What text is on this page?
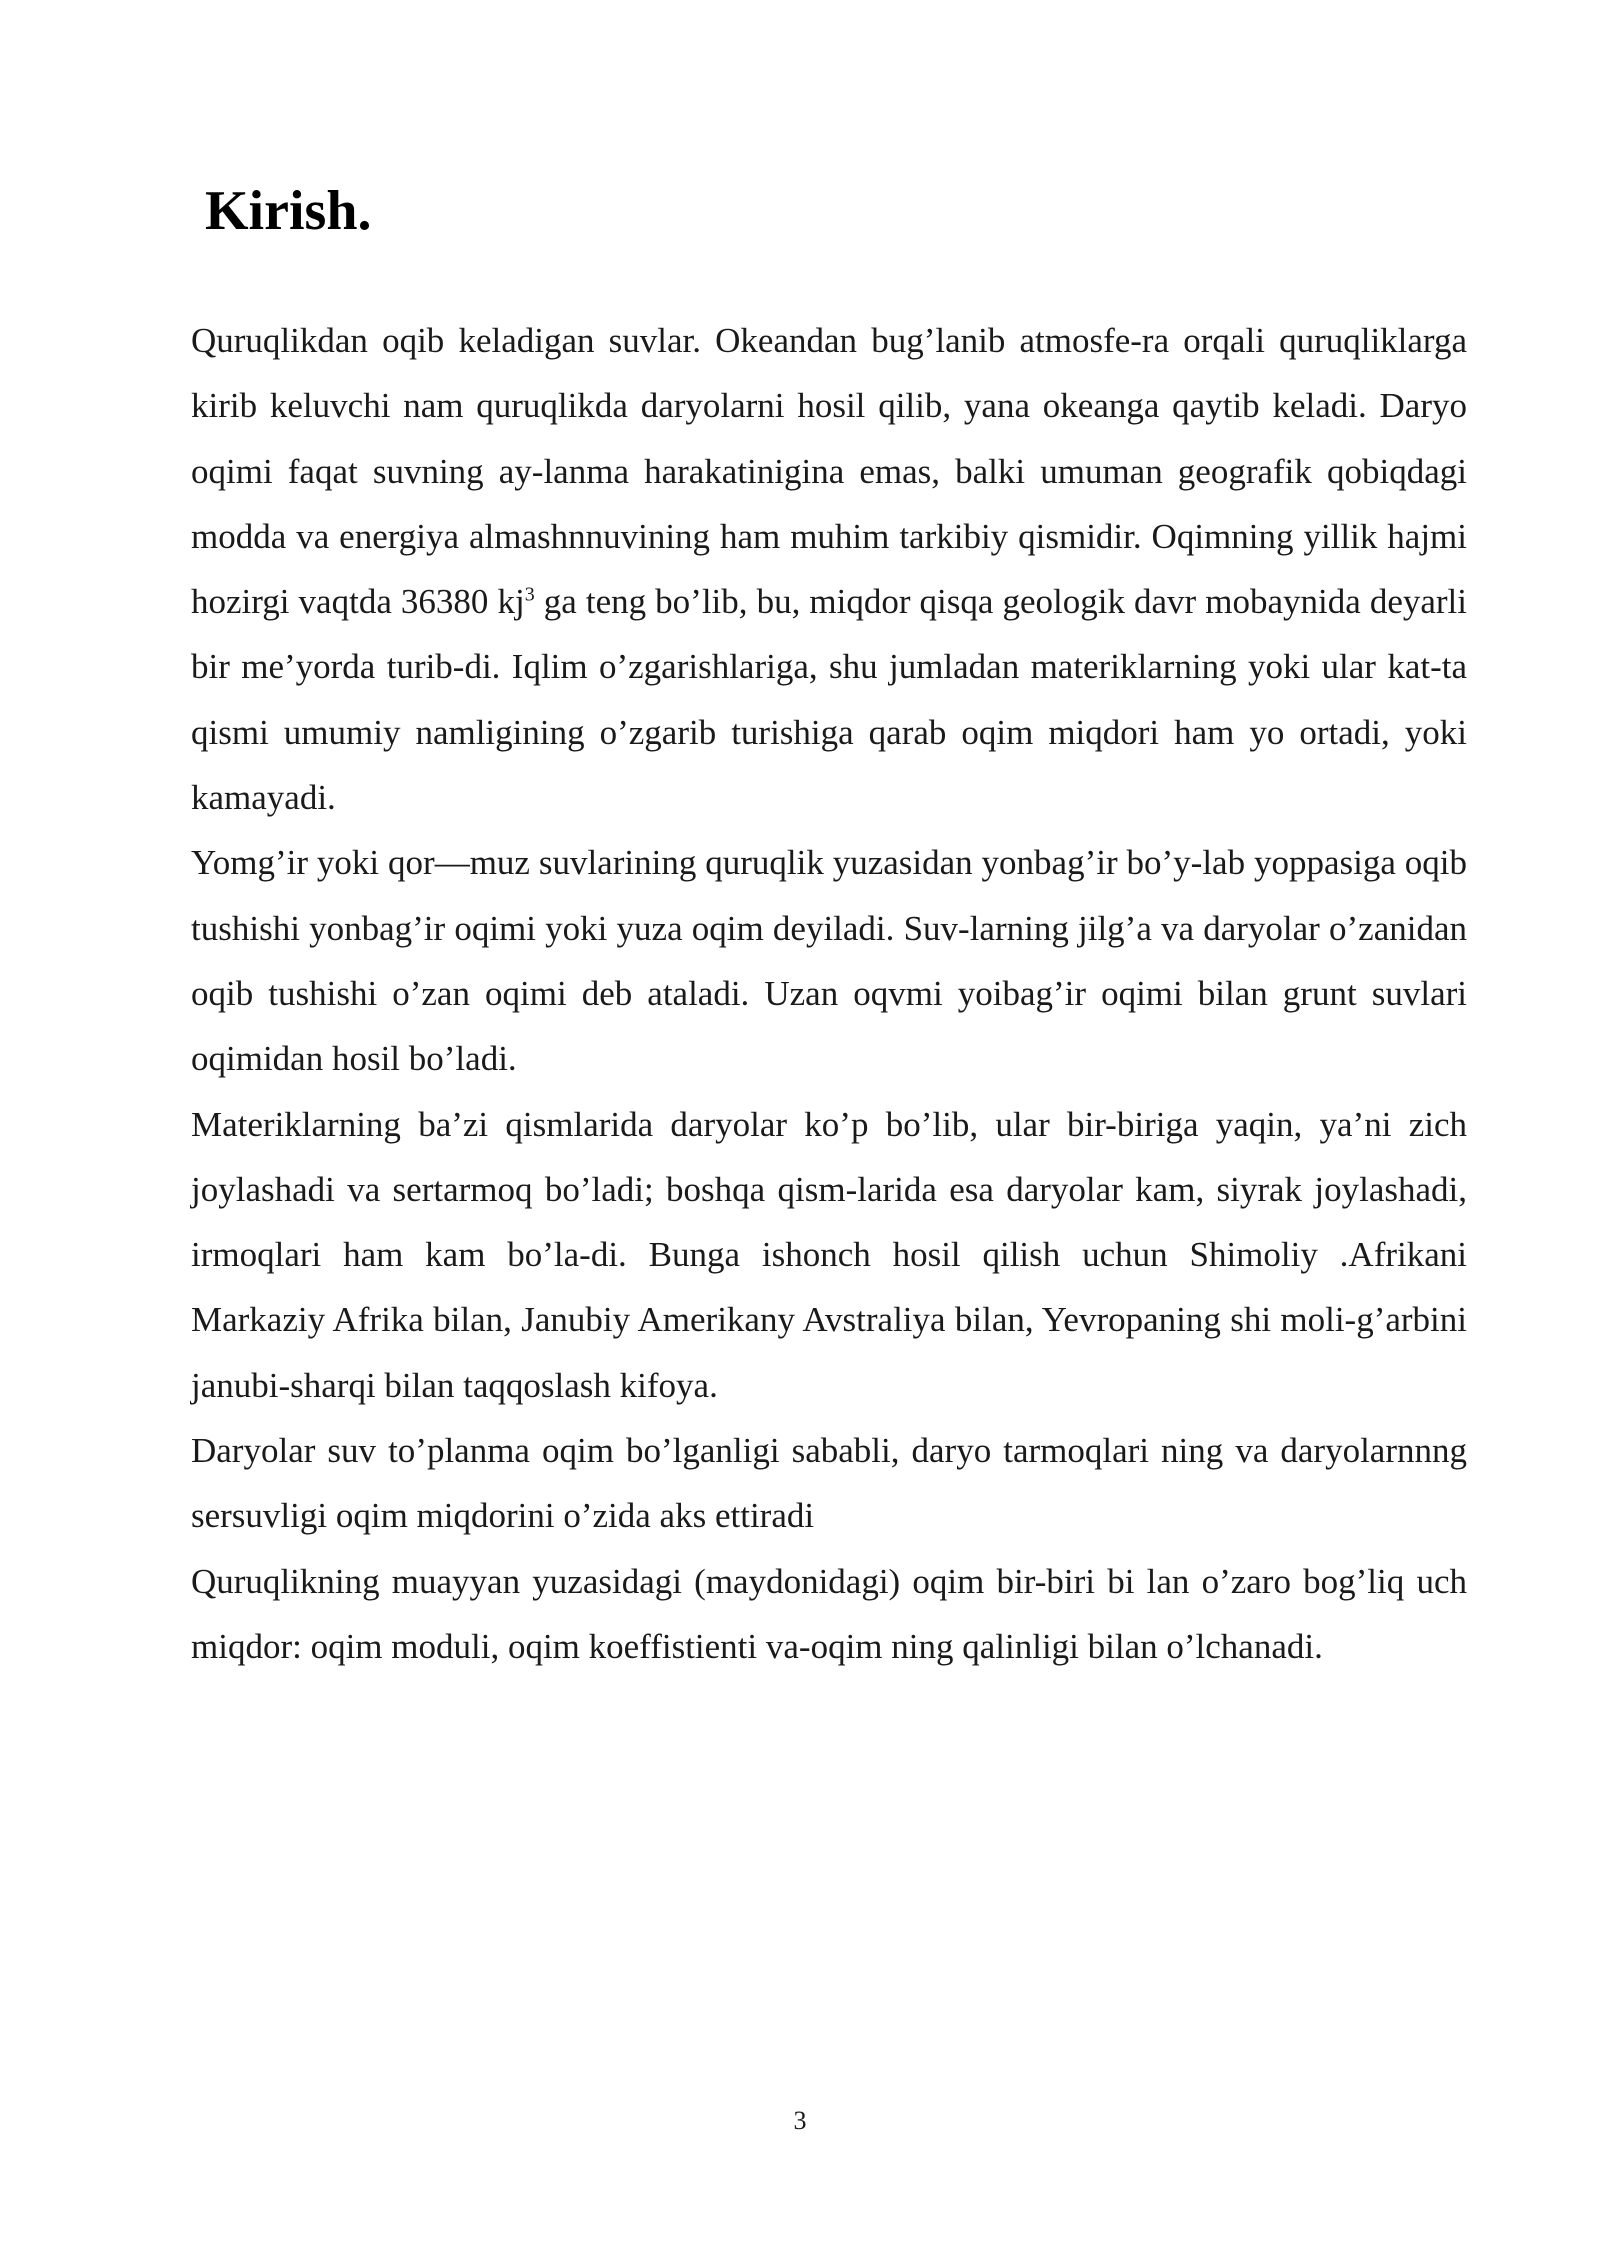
Kirish.

Quruqlikdan oqib keladigan suvlar. Okeandan bug’lanib atmosfe-ra orqali quruqliklarga kirib keluvchi nam quruqlikda daryolarni hosil qilib, yana okeanga qaytib keladi. Daryo oqimi faqat suvning ay-lanma harakatinigina emas, balki umuman geografik qobiqdagi modda va energiya almashnnuvining ham muhim tarkibiy qismidir. Oqimning yillik hajmi hozirgi vaqtda 36380 $kj^3$ ga teng bo’lib, bu, miqdor qisqa geologik davr mobaynida deyarli bir me’yorda turib-di. Iqlim o’zgarishlariga, shu jumladan materiklarning yoki ular kat-ta qismi umumiy namligining o’zgarib turishiga qarab oqim miqdori ham yo ortadi, yoki kamayadi.

Yomg’ir yoki qor—muz suvlarining quruqlik yuzasidan yonbag’ir bo’y-lab yoppasiga oqib tushishi yonbag’ir oqimi yoki yuza oqim deyiladi. Suv-larning jilg’a va daryolar o’zanidan oqib tushishi o’zan oqimi deb ataladi. Uzan oqvmi yoibag’ir oqimi bilan grunt suvlari oqimidan hosil bo’ladi.

Materiklarning ba’zi qismlarida daryolar ko’p bo’lib, ular bir-biriga yaqin, ya’ni zich joylashadi va sertarmoq bo’ladi; boshqa qism-larida esa daryolar kam, siyrak joylashadi, irmoqlari ham kam bo’la-di. Bunga ishonch hosil qilish uchun Shimoliy .Afrikani Markaziy Afrika bilan, Janubiy Amerikany Avstraliya bilan, Yevropaning shi moli-g’arbini janubi-sharqi bilan taqqoslash kifoya.

Daryolar suv to’planma oqim bo’lganligi sababli, daryo tarmoqlari ning va daryolarnnng sersuvligi oqim miqdorini o’zida aks ettiradi

Quruqlikning muayyan yuzasidagi (maydonidagi) oqim bir-biri bi lan o’zaro bog’liq uch miqdor: oqim moduli, oqim koeffistienti va-oqim ning qalinligi bilan o’lchanadi.

3
